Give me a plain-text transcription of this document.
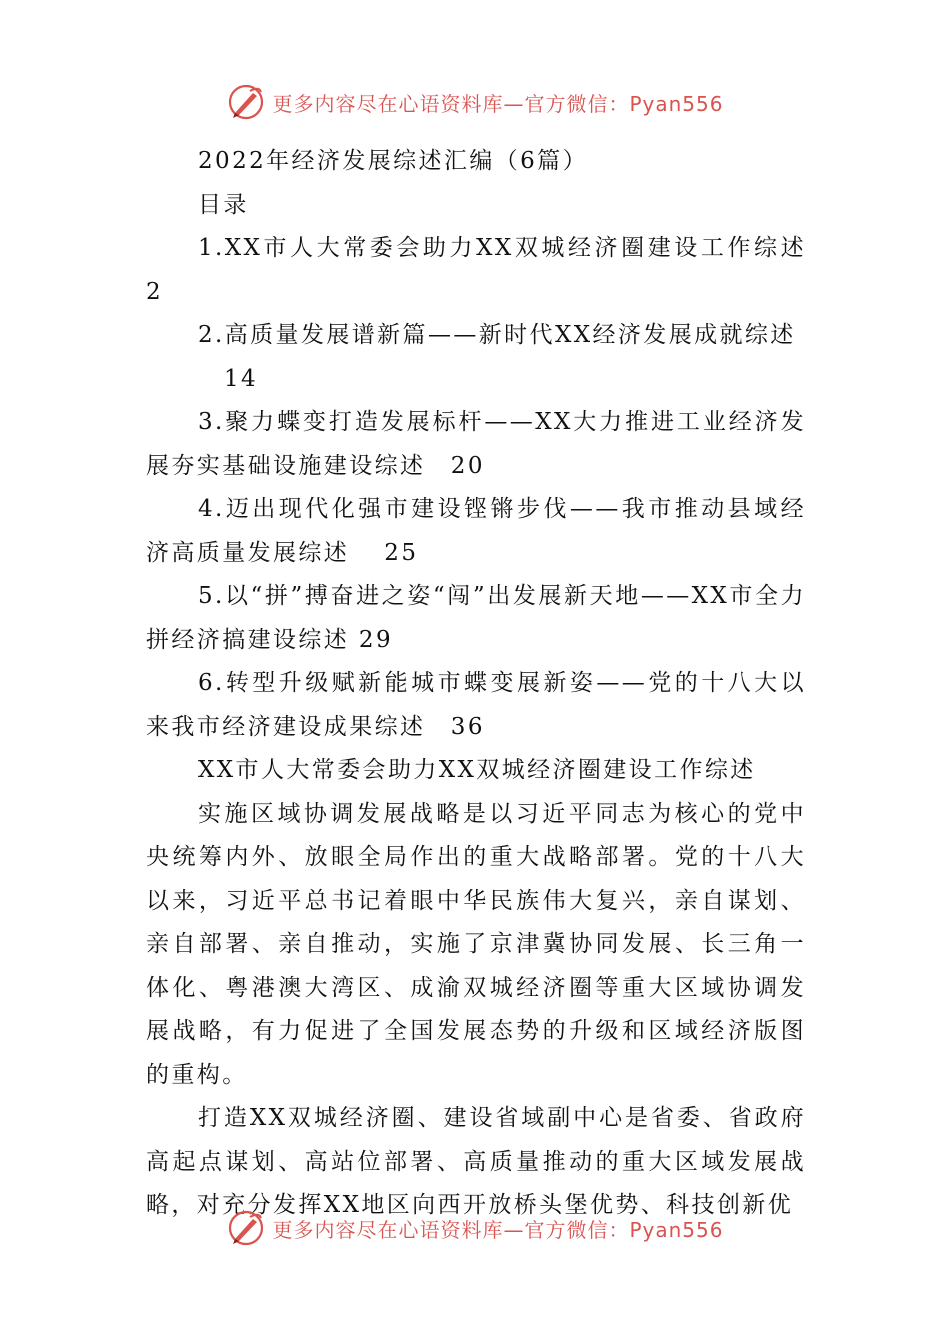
更多内容尽在心语资料库—官方微信：Pyan556

2022年经济发展综述汇编（6篇）

目录

1.XX市人大常委会助力XX双城经济圈建设工作综述 2

2.高质量发展谱新篇——新时代XX经济发展成就综述
14

3.聚力蝶变打造发展标杆——XX大力推进工业经济发展夯实基础设施建设综述　20

4.迈出现代化强市建设铿锵步伐——我市推动县域经济高质量发展综述　 25

5.以“拼”搏奋进之姿“闯”出发展新天地——XX市全力拼经济搞建设综述 29

6.转型升级赋新能城市蝶变展新姿——党的十八大以来我市经济建设成果综述　36

XX市人大常委会助力XX双城经济圈建设工作综述

实施区域协调发展战略是以习近平同志为核心的党中央统筹内外、放眼全局作出的重大战略部署。党的十八大以来，习近平总书记着眼中华民族伟大复兴，亲自谋划、亲自部署、亲自推动，实施了京津冀协同发展、长三角一体化、粤港澳大湾区、成渝双城经济圈等重大区域协调发展战略，有力促进了全国发展态势的升级和区域经济版图的重构。

打造XX双城经济圈、建设省域副中心是省委、省政府高起点谋划、高站位部署、高质量推动的重大区域发展战略，对充分发挥XX地区向西开放桥头堡优势、科技创新优

更多内容尽在心语资料库—官方微信：Pyan556
